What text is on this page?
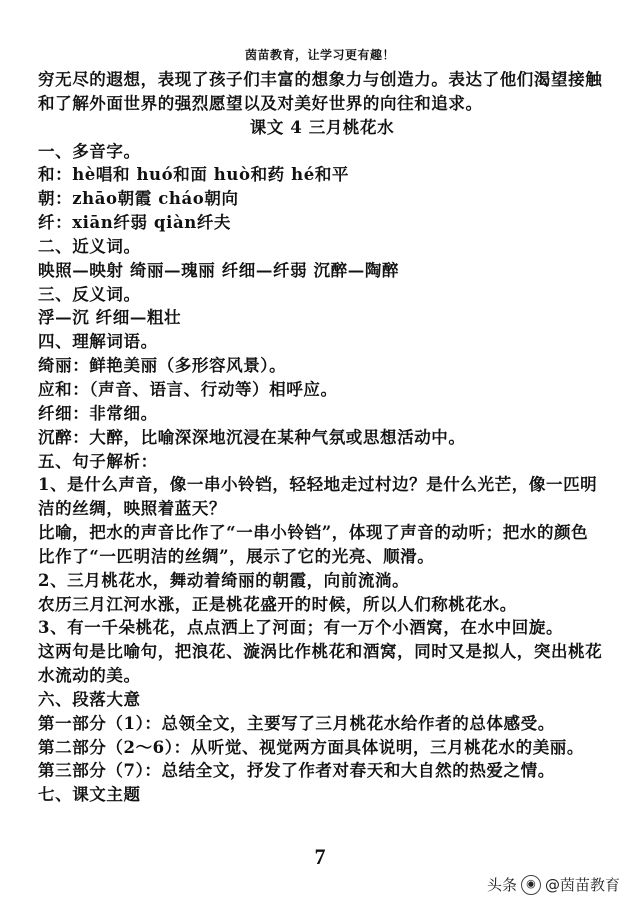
茵苗教育，让学习更有趣！
穷无尽的遐想，表现了孩子们丰富的想象力与创造力。表达了他们渴望接触
和了解外面世界的强烈愿望以及对美好世界的向往和追求。
课文 4 三月桃花水
一、多音字。
和：hè唱和 huó和面 huò和药 hé和平
朝：zhāo朝霞 cháo朝向
纤：xiān纤弱 qiàn纤夫
二、近义词。
映照—映射 绮丽—瑰丽 纤细—纤弱 沉醉—陶醉
三、反义词。
浮—沉 纤细—粗壮
四、理解词语。
绮丽：鲜艳美丽（多形容风景）。
应和：（声音、语言、行动等）相呼应。
纤细：非常细。
沉醉：大醉，比喻深深地沉浸在某种气氛或思想活动中。
五、句子解析：
1、是什么声音，像一串小铃铛，轻轻地走过村边？是什么光芒，像一匹明
洁的丝绸，映照着蓝天？
比喻，把水的声音比作了“一串小铃铛”，体现了声音的动听；把水的颜色
比作了“一匹明洁的丝绸”，展示了它的光亮、顺滑。
2、三月桃花水，舞动着绮丽的朝霞，向前流淌。
农历三月江河水涨，正是桃花盛开的时候，所以人们称桃花水。
3、有一千朵桃花，点点洒上了河面；有一万个小酒窝，在水中回旋。
这两句是比喻句，把浪花、漩涡比作桃花和酒窝，同时又是拟人，突出桃花
水流动的美。
六、段落大意
第一部分（1）：总领全文，主要写了三月桃花水给作者的总体感受。
第二部分（2～6）：从听觉、视觉两方面具体说明，三月桃花水的美丽。
第三部分（7）：总结全文，抒发了作者对春天和大自然的热爱之情。
七、课文主题
7
头条 ◉ @茵苗教育
